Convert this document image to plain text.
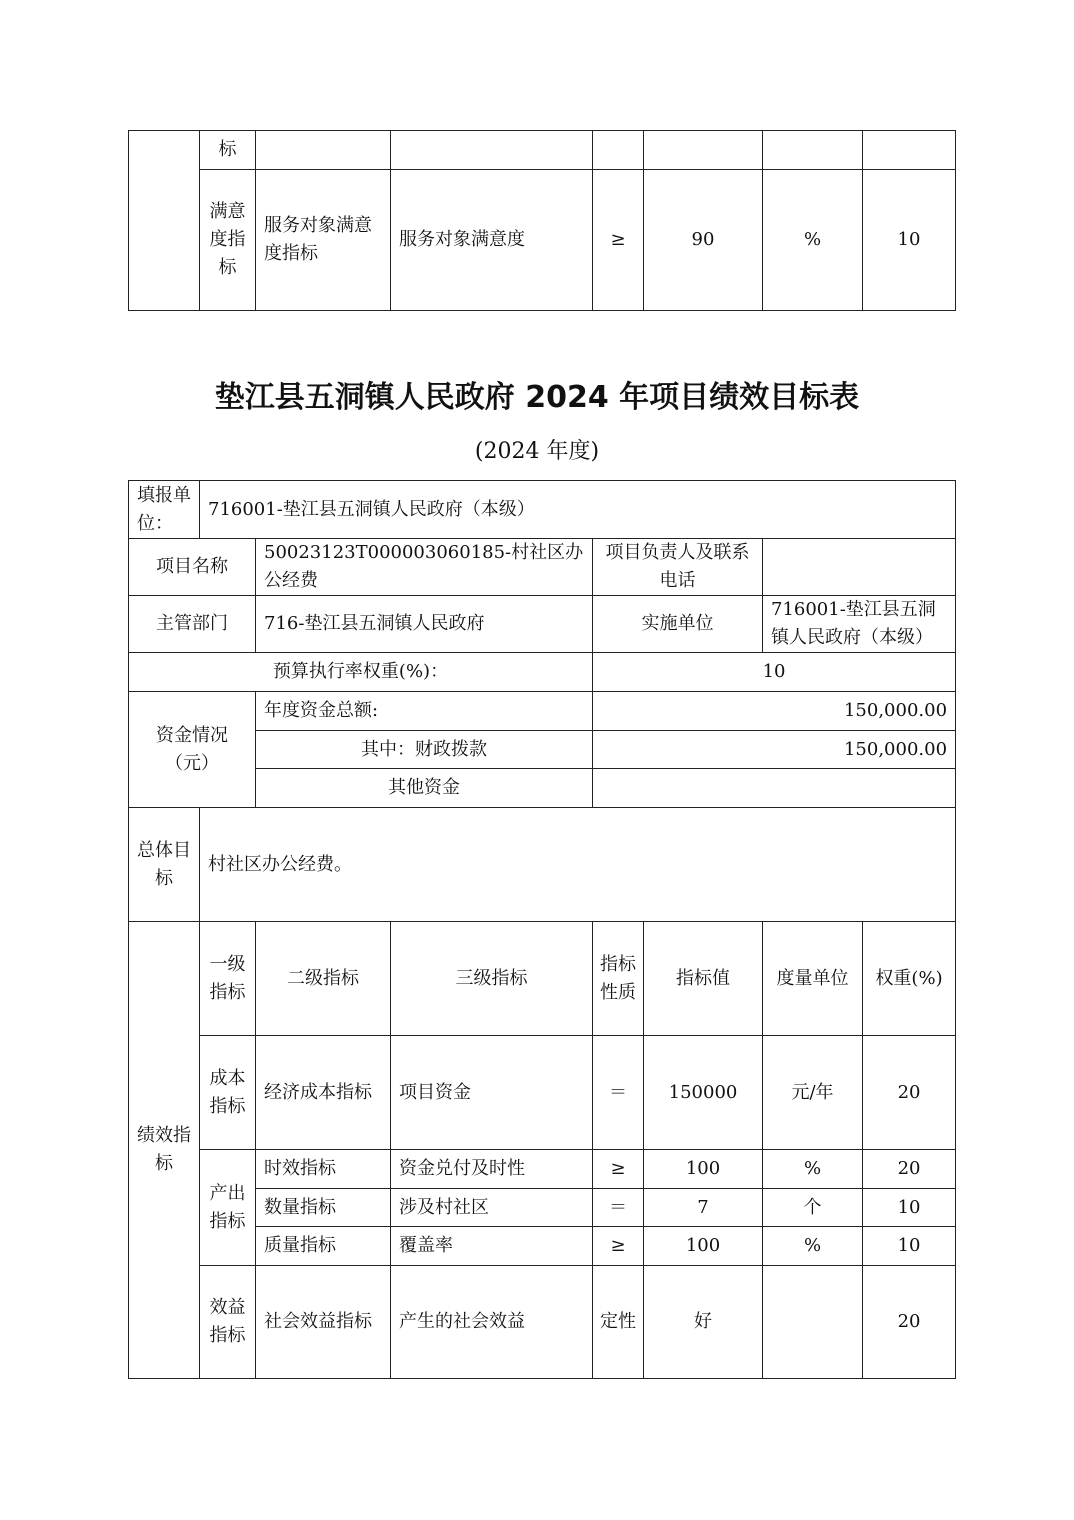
	标						
	满意度指标	服务对象满意度指标	服务对象满意度	≥	90	%	10
垫江县五洞镇人民政府 2024 年项目绩效目标表
(2024 年度)
填报单位：	716001-垫江县五洞镇人民政府（本级）						
项目名称		50023123T000003060185-村社区办公经费		项目负责人及联系电话			
主管部门		716-垫江县五洞镇人民政府		实施单位		716001-垫江县五洞镇人民政府（本级）	
预算执行率权重(%)：				10			
资金情况（元）		年度资金总额:		150,000.00			
		其中：财政拨款		150,000.00			
		其他资金					
总体目标	村社区办公经费。						
绩效指标	一级指标	二级指标	三级指标	指标性质	指标值	度量单位	权重(%)
	成本指标	经济成本指标	项目资金	＝	150000	元/年	20
	产出指标	时效指标	资金兑付及时性	≥	100	%	20
		数量指标	涉及村社区	＝	7	个	10
		质量指标	覆盖率	≥	100	%	10
	效益指标	社会效益指标	产生的社会效益	定性	好		20
